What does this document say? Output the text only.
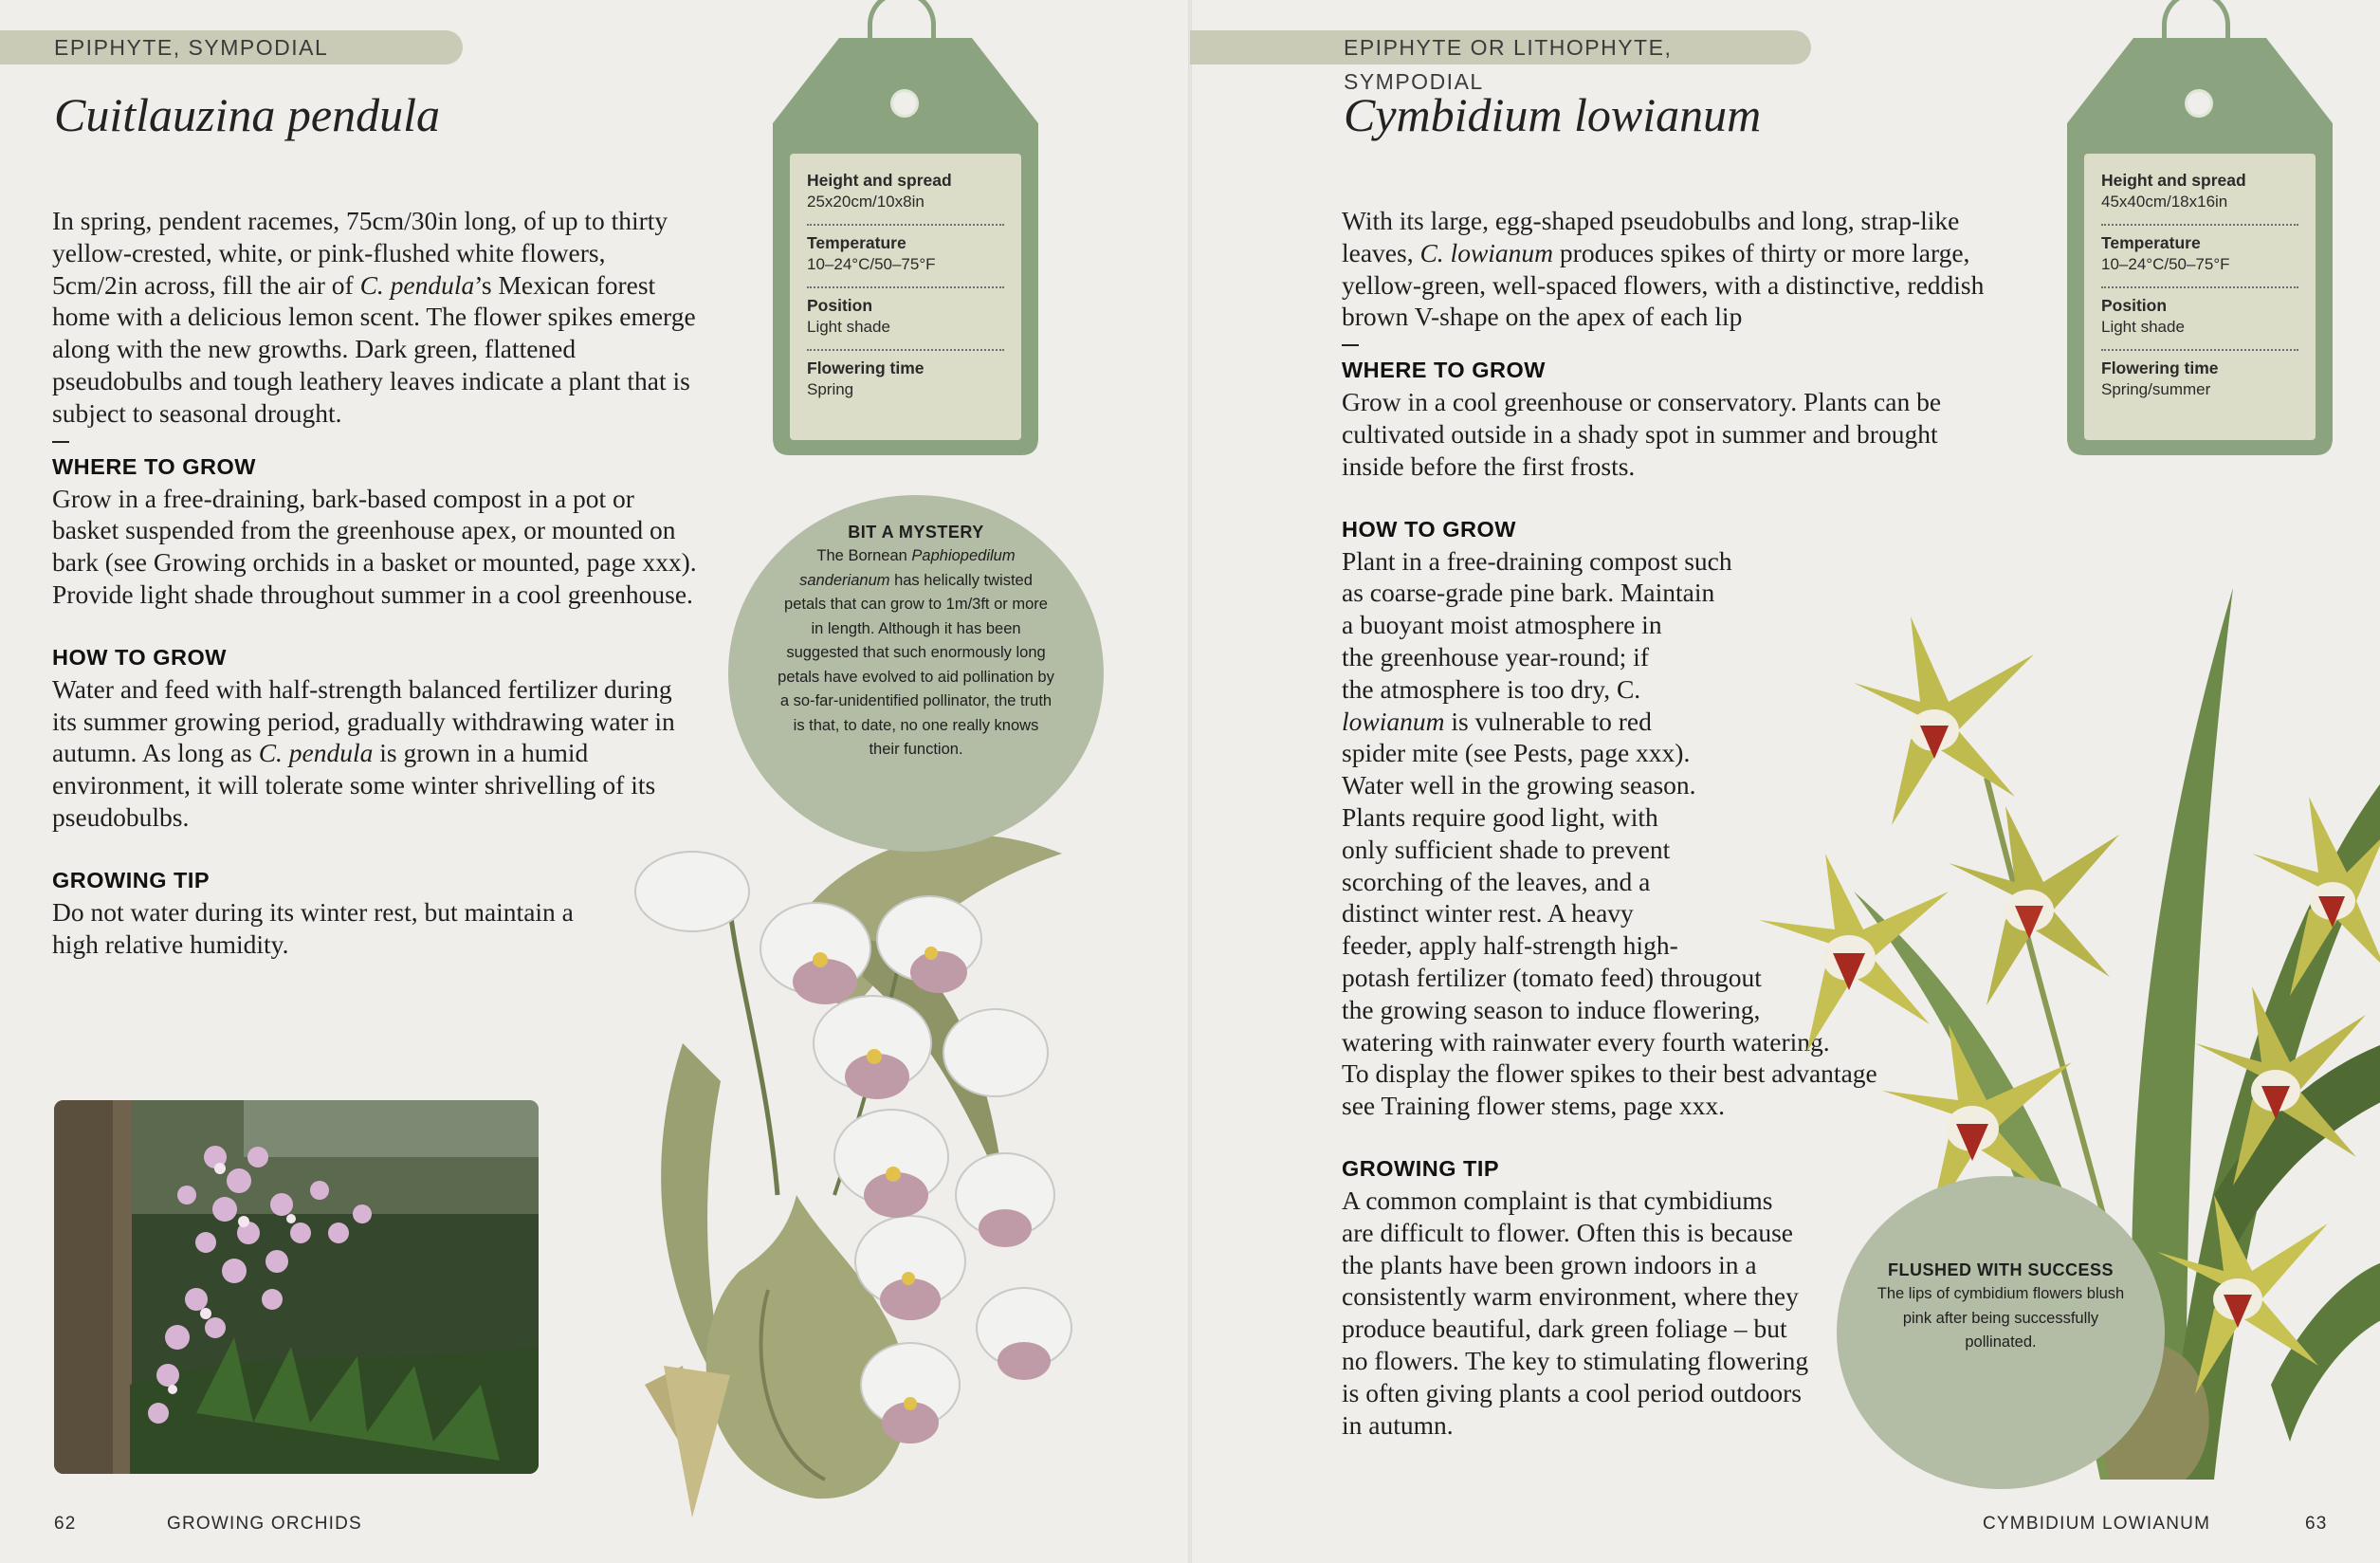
EPIPHYTE, SYMPODIAL
Cuitlauzina pendula

In spring, pendent racemes, 75cm/30in long, of up to thirty yellow-crested, white, or pink-flushed white flowers, 5cm/2in across, fill the air of C. pendula’s Mexican forest home with a delicious lemon scent. The flower spikes emerge along with the new growths. Dark green, flattened pseudobulbs and tough leathery leaves indicate a plant that is subject to seasonal drought.

WHERE TO GROW

Grow in a free-draining, bark-based compost in a pot or basket suspended from the greenhouse apex, or mounted on bark (see Growing orchids in a basket or mounted, page xxx). Provide light shade throughout summer in a cool greenhouse.

HOW TO GROW

Water and feed with half-strength balanced fertilizer during its summer growing period, gradually withdrawing water in autumn. As long as C. pendula is grown in a humid environment, it will tolerate some winter shrivelling of its pseudobulbs.

GROWING TIP

Do not water during its winter rest, but maintain a high relative humidity.

Height and spread
25x20cm/10x8in
Temperature
10–24°C/50–75°F
Position
Light shade
Flowering time
Spring
BIT A MYSTERY
The Bornean Paphiopedilum sanderianum has helically twisted petals that can grow to 1m/3ft or more in length. Although it has been suggested that such enormously long petals have evolved to aid pollination by a so-far-unidentified pollinator, the truth is that, to date, no one really knows their function.
62	GROWING ORCHIDS
EPIPHYTE OR LITHOPHYTE, SYMPODIAL
Cymbidium lowianum

With its large, egg-shaped pseudobulbs and long, strap-like leaves, C. lowianum produces spikes of thirty or more large, yellow-green, well-spaced flowers, with a distinctive, reddish brown V-shape on the apex of each lip

WHERE TO GROW

Grow in a cool greenhouse or conservatory. Plants can be cultivated outside in a shady spot in summer and brought inside before the first frosts.

HOW TO GROW

Plant in a free-draining compost such
as coarse-grade pine bark. Maintain
a buoyant moist atmosphere in
the greenhouse year-round; if
the atmosphere is too dry, C.
lowianum is vulnerable to red
spider mite (see Pests, page xxx).
Water well in the growing season.
Plants require good light, with
only sufficient shade to prevent
scorching of the leaves, and a
distinct winter rest. A heavy
feeder, apply half-strength high-
potash fertilizer (tomato feed) througout
the growing season to induce flowering,
watering with rainwater every fourth watering.
To display the flower spikes to their best advantage
see Training flower stems, page xxx.

GROWING TIP

A common complaint is that cymbidiums
are difficult to flower. Often this is because
the plants have been grown indoors in a
consistently warm environment, where they
produce beautiful, dark green foliage – but
no flowers. The key to stimulating flowering
is often giving plants a cool period outdoors
in autumn.

Height and spread
45x40cm/18x16in
Temperature
10–24°C/50–75°F
Position
Light shade
Flowering time
Spring/summer
FLUSHED WITH SUCCESS
The lips of cymbidium flowers blush pink after being successfully pollinated.
CYMBIDIUM LOWIANUM	63
